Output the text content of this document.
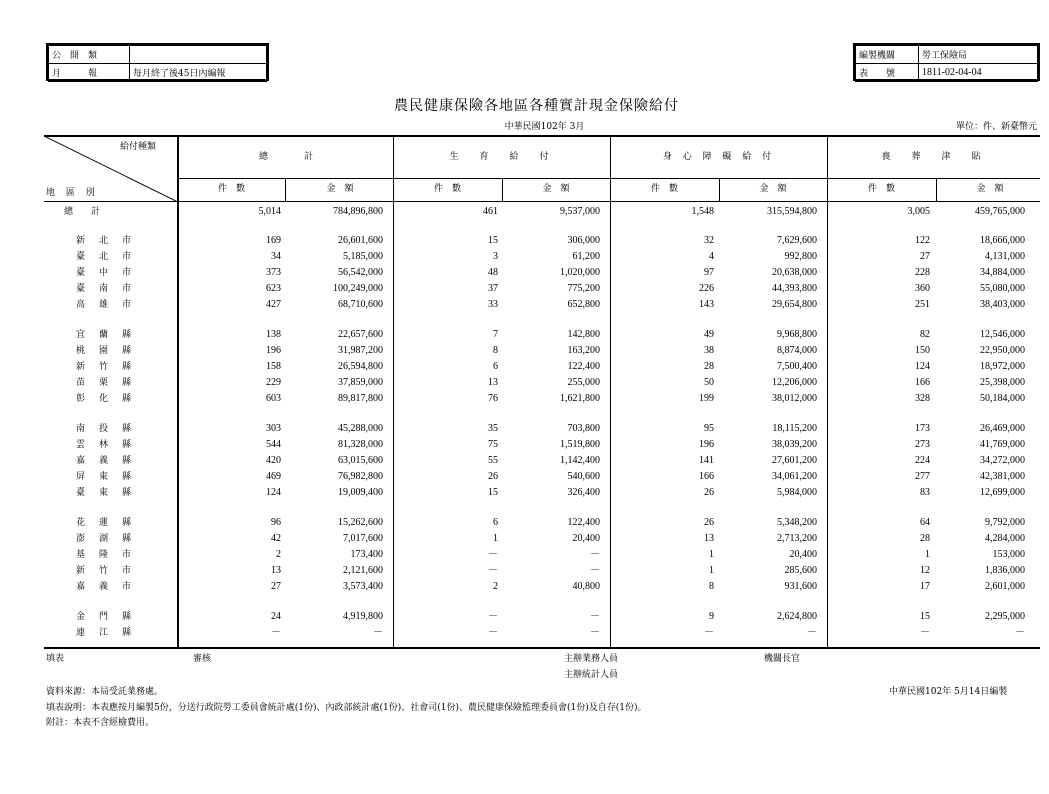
公　開　類	
月　　　報	每月終了後45日內編報
編製機關	勞工保險局
表　　號	1811-02-04-04
農民健康保險各地區各種實計現金保險給付
中華民國102年 3月	單位：件、新臺幣元
給付種類
地 區 別
總　　　　計	生　育　給　付	身 心 障 礙 給 付	喪　葬　津　貼
件　數	金　額	件　數	金　額	件　數	金　額	件　數	金　額
總　　計	5,014	784,896,800	461	9,537,000	1,548	315,594,800	3,005	459,765,000
新北市	169	26,601,600	15	306,000	32	7,629,600	122	18,666,000
臺北市	34	5,185,000	3	61,200	4	992,800	27	4,131,000
臺中市	373	56,542,000	48	1,020,000	97	20,638,000	228	34,884,000
臺南市	623	100,249,000	37	775,200	226	44,393,800	360	55,080,000
高雄市	427	68,710,600	33	652,800	143	29,654,800	251	38,403,000
宜蘭縣	138	22,657,600	7	142,800	49	9,968,800	82	12,546,000
桃園縣	196	31,987,200	8	163,200	38	8,874,000	150	22,950,000
新竹縣	158	26,594,800	6	122,400	28	7,500,400	124	18,972,000
苗栗縣	229	37,859,000	13	255,000	50	12,206,000	166	25,398,000
彰化縣	603	89,817,800	76	1,621,800	199	38,012,000	328	50,184,000
南投縣	303	45,288,000	35	703,800	95	18,115,200	173	26,469,000
雲林縣	544	81,328,000	75	1,519,800	196	38,039,200	273	41,769,000
嘉義縣	420	63,015,600	55	1,142,400	141	27,601,200	224	34,272,000
屏東縣	469	76,982,800	26	540,600	166	34,061,200	277	42,381,000
臺東縣	124	19,009,400	15	326,400	26	5,984,000	83	12,699,000
花蓮縣	96	15,262,600	6	122,400	26	5,348,200	64	9,792,000
澎湖縣	42	7,017,600	1	20,400	13	2,713,200	28	4,284,000
基隆市	2	173,400	－	－	1	20,400	1	153,000
新竹市	13	2,121,600	－	－	1	285,600	12	1,836,000
嘉義市	27	3,573,400	2	40,800	8	931,600	17	2,601,000
金門縣	24	4,919,800	－	－	9	2,624,800	15	2,295,000
連江縣	－	－	－	－	－	－	－	－
填表	審核	主辦業務人員
主辦統計人員
機關長官
資料來源：本局受託業務處。	中華民國102年 5月14日編製
填表說明：本表應按月編製5份，分送行政院勞工委員會統計處(1份)、內政部統計處(1份)、社會司(1份)、農民健康保險監理委員會(1份)及自存(1份)。
附註：本表不含經檢費用。
